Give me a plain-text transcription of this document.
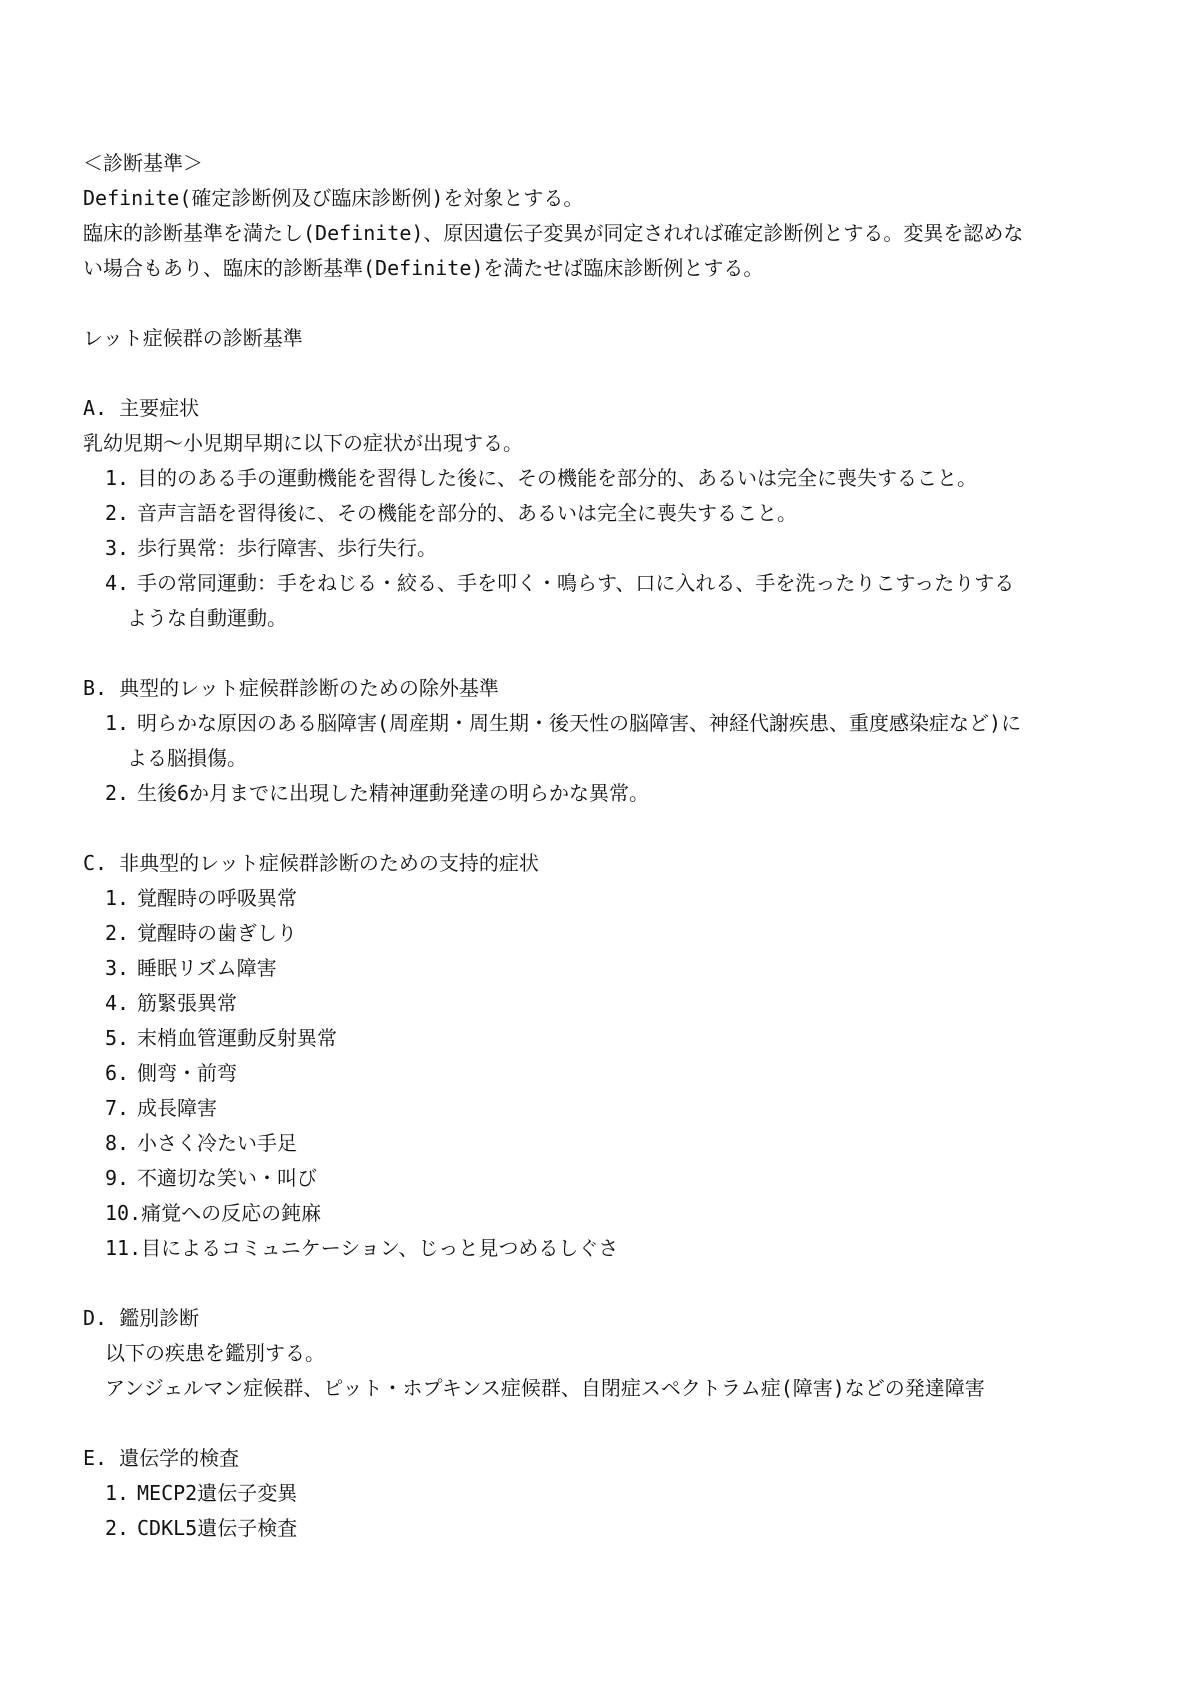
＜診断基準＞
Definite(確定診断例及び臨床診断例)を対象とする。
臨床的診断基準を満たし(Definite)、原因遺伝子変異が同定されれば確定診断例とする。変異を認めな
い場合もあり、臨床的診断基準(Definite)を満たせば臨床診断例とする。
レット症候群の診断基準
A. 主要症状
乳幼児期～小児期早期に以下の症状が出現する。
1. 目的のある手の運動機能を習得した後に、その機能を部分的、あるいは完全に喪失すること。
2. 音声言語を習得後に、その機能を部分的、あるいは完全に喪失すること。
3. 歩行異常：歩行障害、歩行失行。
4. 手の常同運動：手をねじる・絞る、手を叩く・鳴らす、口に入れる、手を洗ったりこすったりする
ような自動運動。
B. 典型的レット症候群診断のための除外基準
1. 明らかな原因のある脳障害(周産期・周生期・後天性の脳障害、神経代謝疾患、重度感染症など)に
よる脳損傷。
2. 生後6か月までに出現した精神運動発達の明らかな異常。
C. 非典型的レット症候群診断のための支持的症状
1. 覚醒時の呼吸異常
2. 覚醒時の歯ぎしり
3. 睡眠リズム障害
4. 筋緊張異常
5. 末梢血管運動反射異常
6. 側弯・前弯
7. 成長障害
8. 小さく冷たい手足
9. 不適切な笑い・叫び
10.痛覚への反応の鈍麻
11.目によるコミュニケーション、じっと見つめるしぐさ
D. 鑑別診断
以下の疾患を鑑別する。
アンジェルマン症候群、ピット・ホプキンス症候群、自閉症スペクトラム症(障害)などの発達障害
E. 遺伝学的検査
1. MECP2遺伝子変異
2. CDKL5遺伝子検査
